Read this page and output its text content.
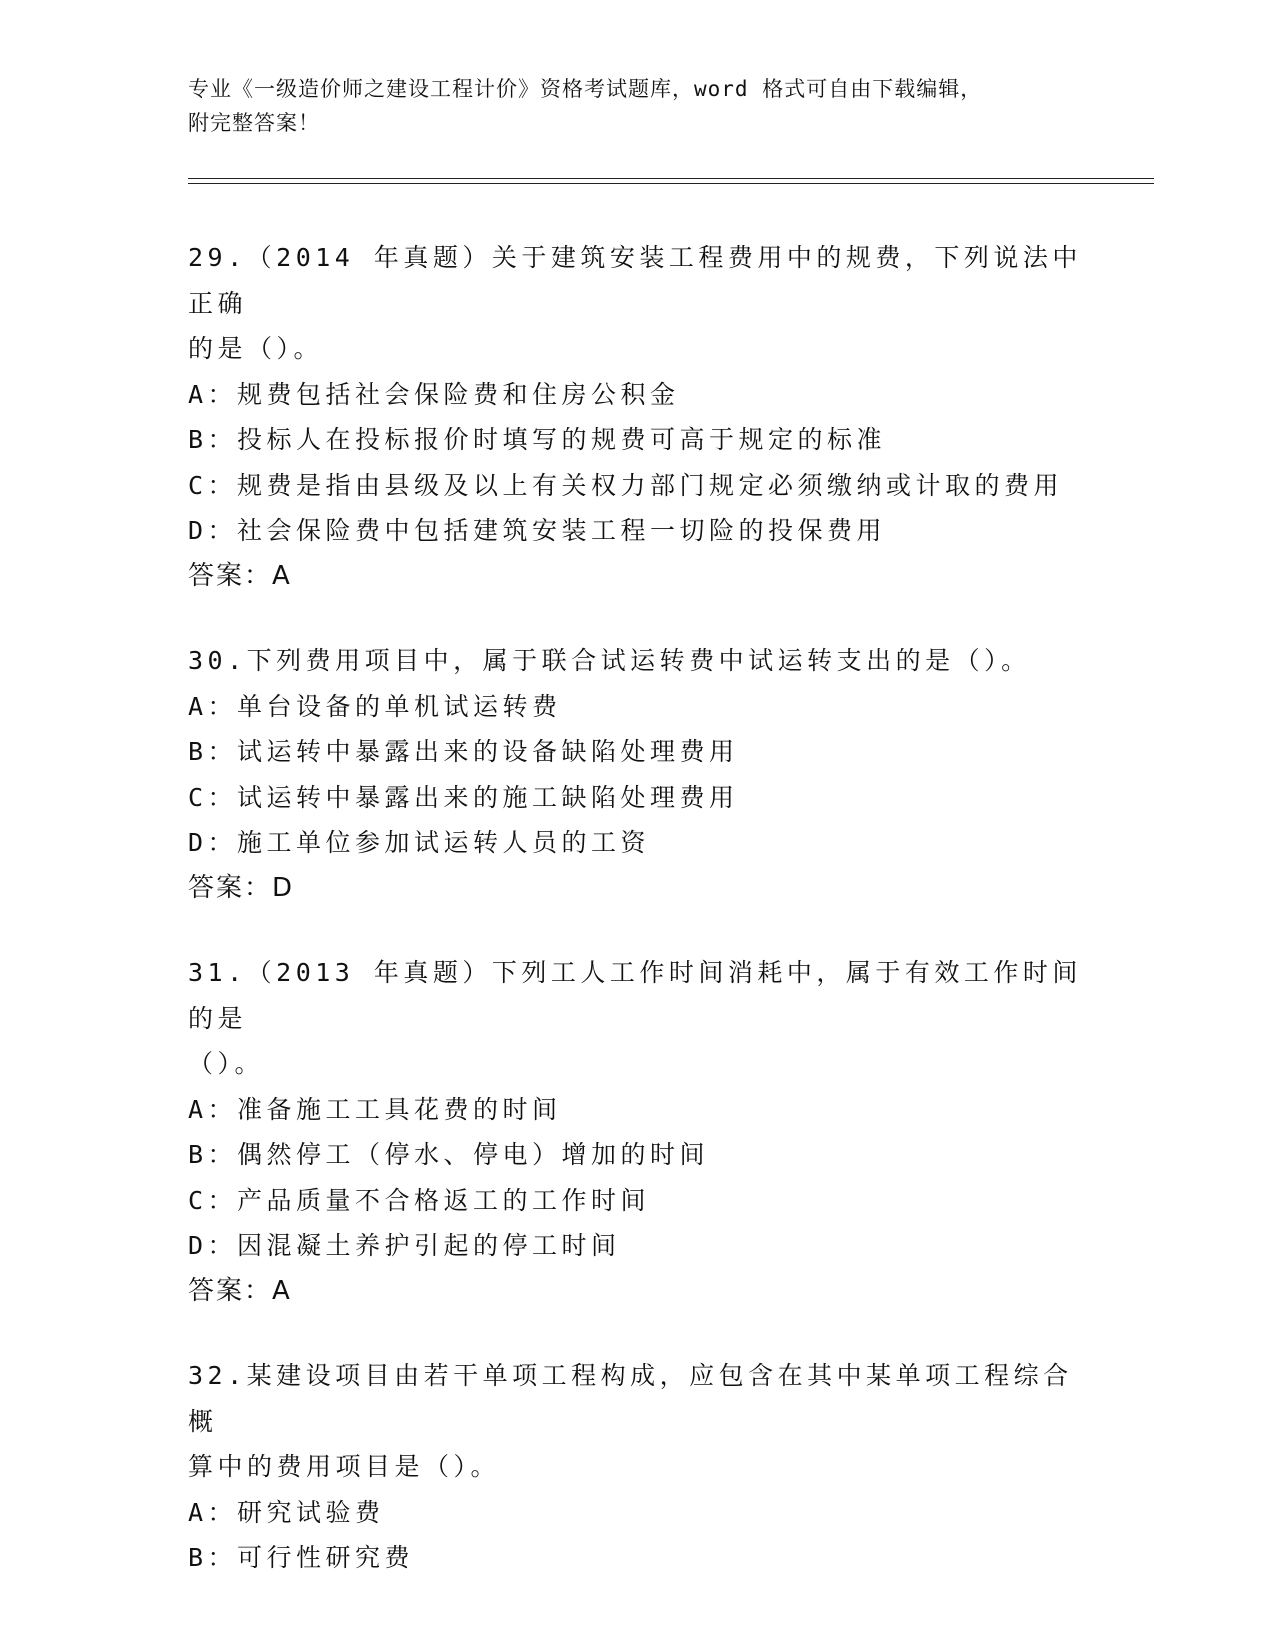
专业《一级造价师之建设工程计价》资格考试题库，word 格式可自由下载编辑，
附完整答案！
29.（2014 年真题）关于建筑安装工程费用中的规费，下列说法中正确
的是（）。
A：规费包括社会保险费和住房公积金
B：投标人在投标报价时填写的规费可高于规定的标准
C：规费是指由县级及以上有关权力部门规定必须缴纳或计取的费用
D：社会保险费中包括建筑安装工程一切险的投保费用
答案：A
30.下列费用项目中，属于联合试运转费中试运转支出的是（）。
A：单台设备的单机试运转费
B：试运转中暴露出来的设备缺陷处理费用
C：试运转中暴露出来的施工缺陷处理费用
D：施工单位参加试运转人员的工资
答案：D
31.（2013 年真题）下列工人工作时间消耗中，属于有效工作时间的是
（）。
A：准备施工工具花费的时间
B：偶然停工（停水、停电）增加的时间
C：产品质量不合格返工的工作时间
D：因混凝土养护引起的停工时间
答案：A
32.某建设项目由若干单项工程构成，应包含在其中某单项工程综合概
算中的费用项目是（）。
A：研究试验费
B：可行性研究费
